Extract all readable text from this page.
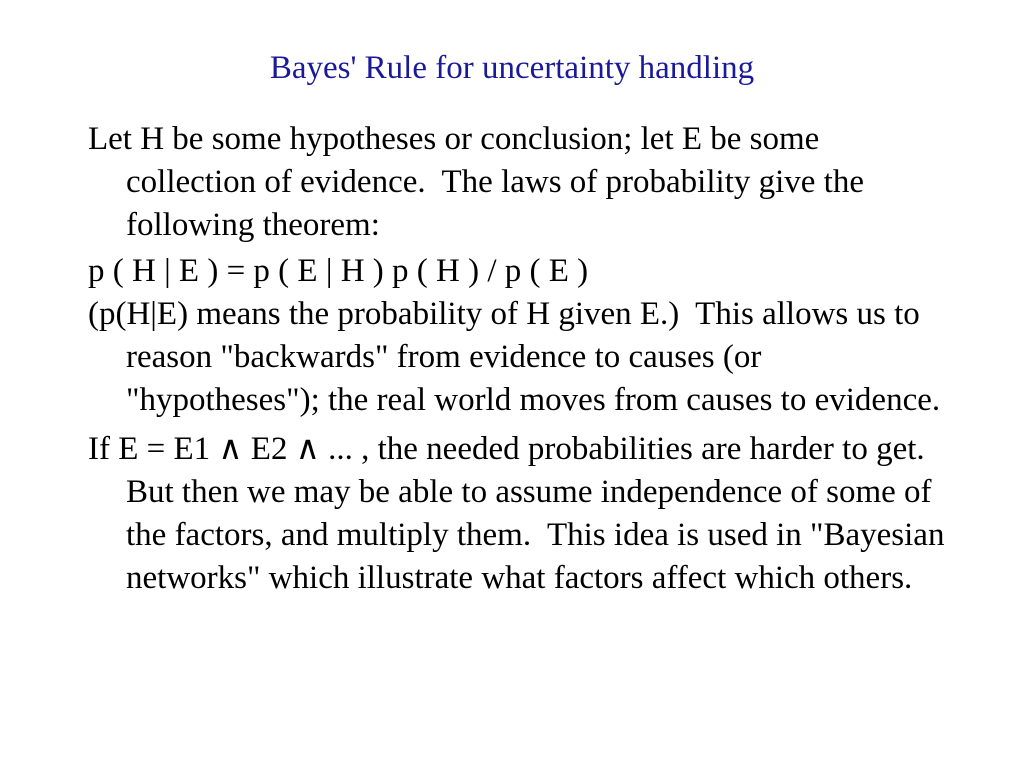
Bayes' Rule for uncertainty handling

Let H be some hypotheses or conclusion; let E be some collection of evidence.  The laws of probability give the following theorem:

p ( H | E ) = p ( E | H ) p ( H ) / p ( E )

(p(H|E) means the probability of H given E.)  This allows us to reason "backwards" from evidence to causes (or "hypotheses"); the real world moves from causes to evidence.

If E = E1 ∧ E2 ∧ ... , the needed probabilities are harder to get.  But then we may be able to assume independence of some of the factors, and multiply them.  This idea is used in "Bayesian networks" which illustrate what factors affect which others.
